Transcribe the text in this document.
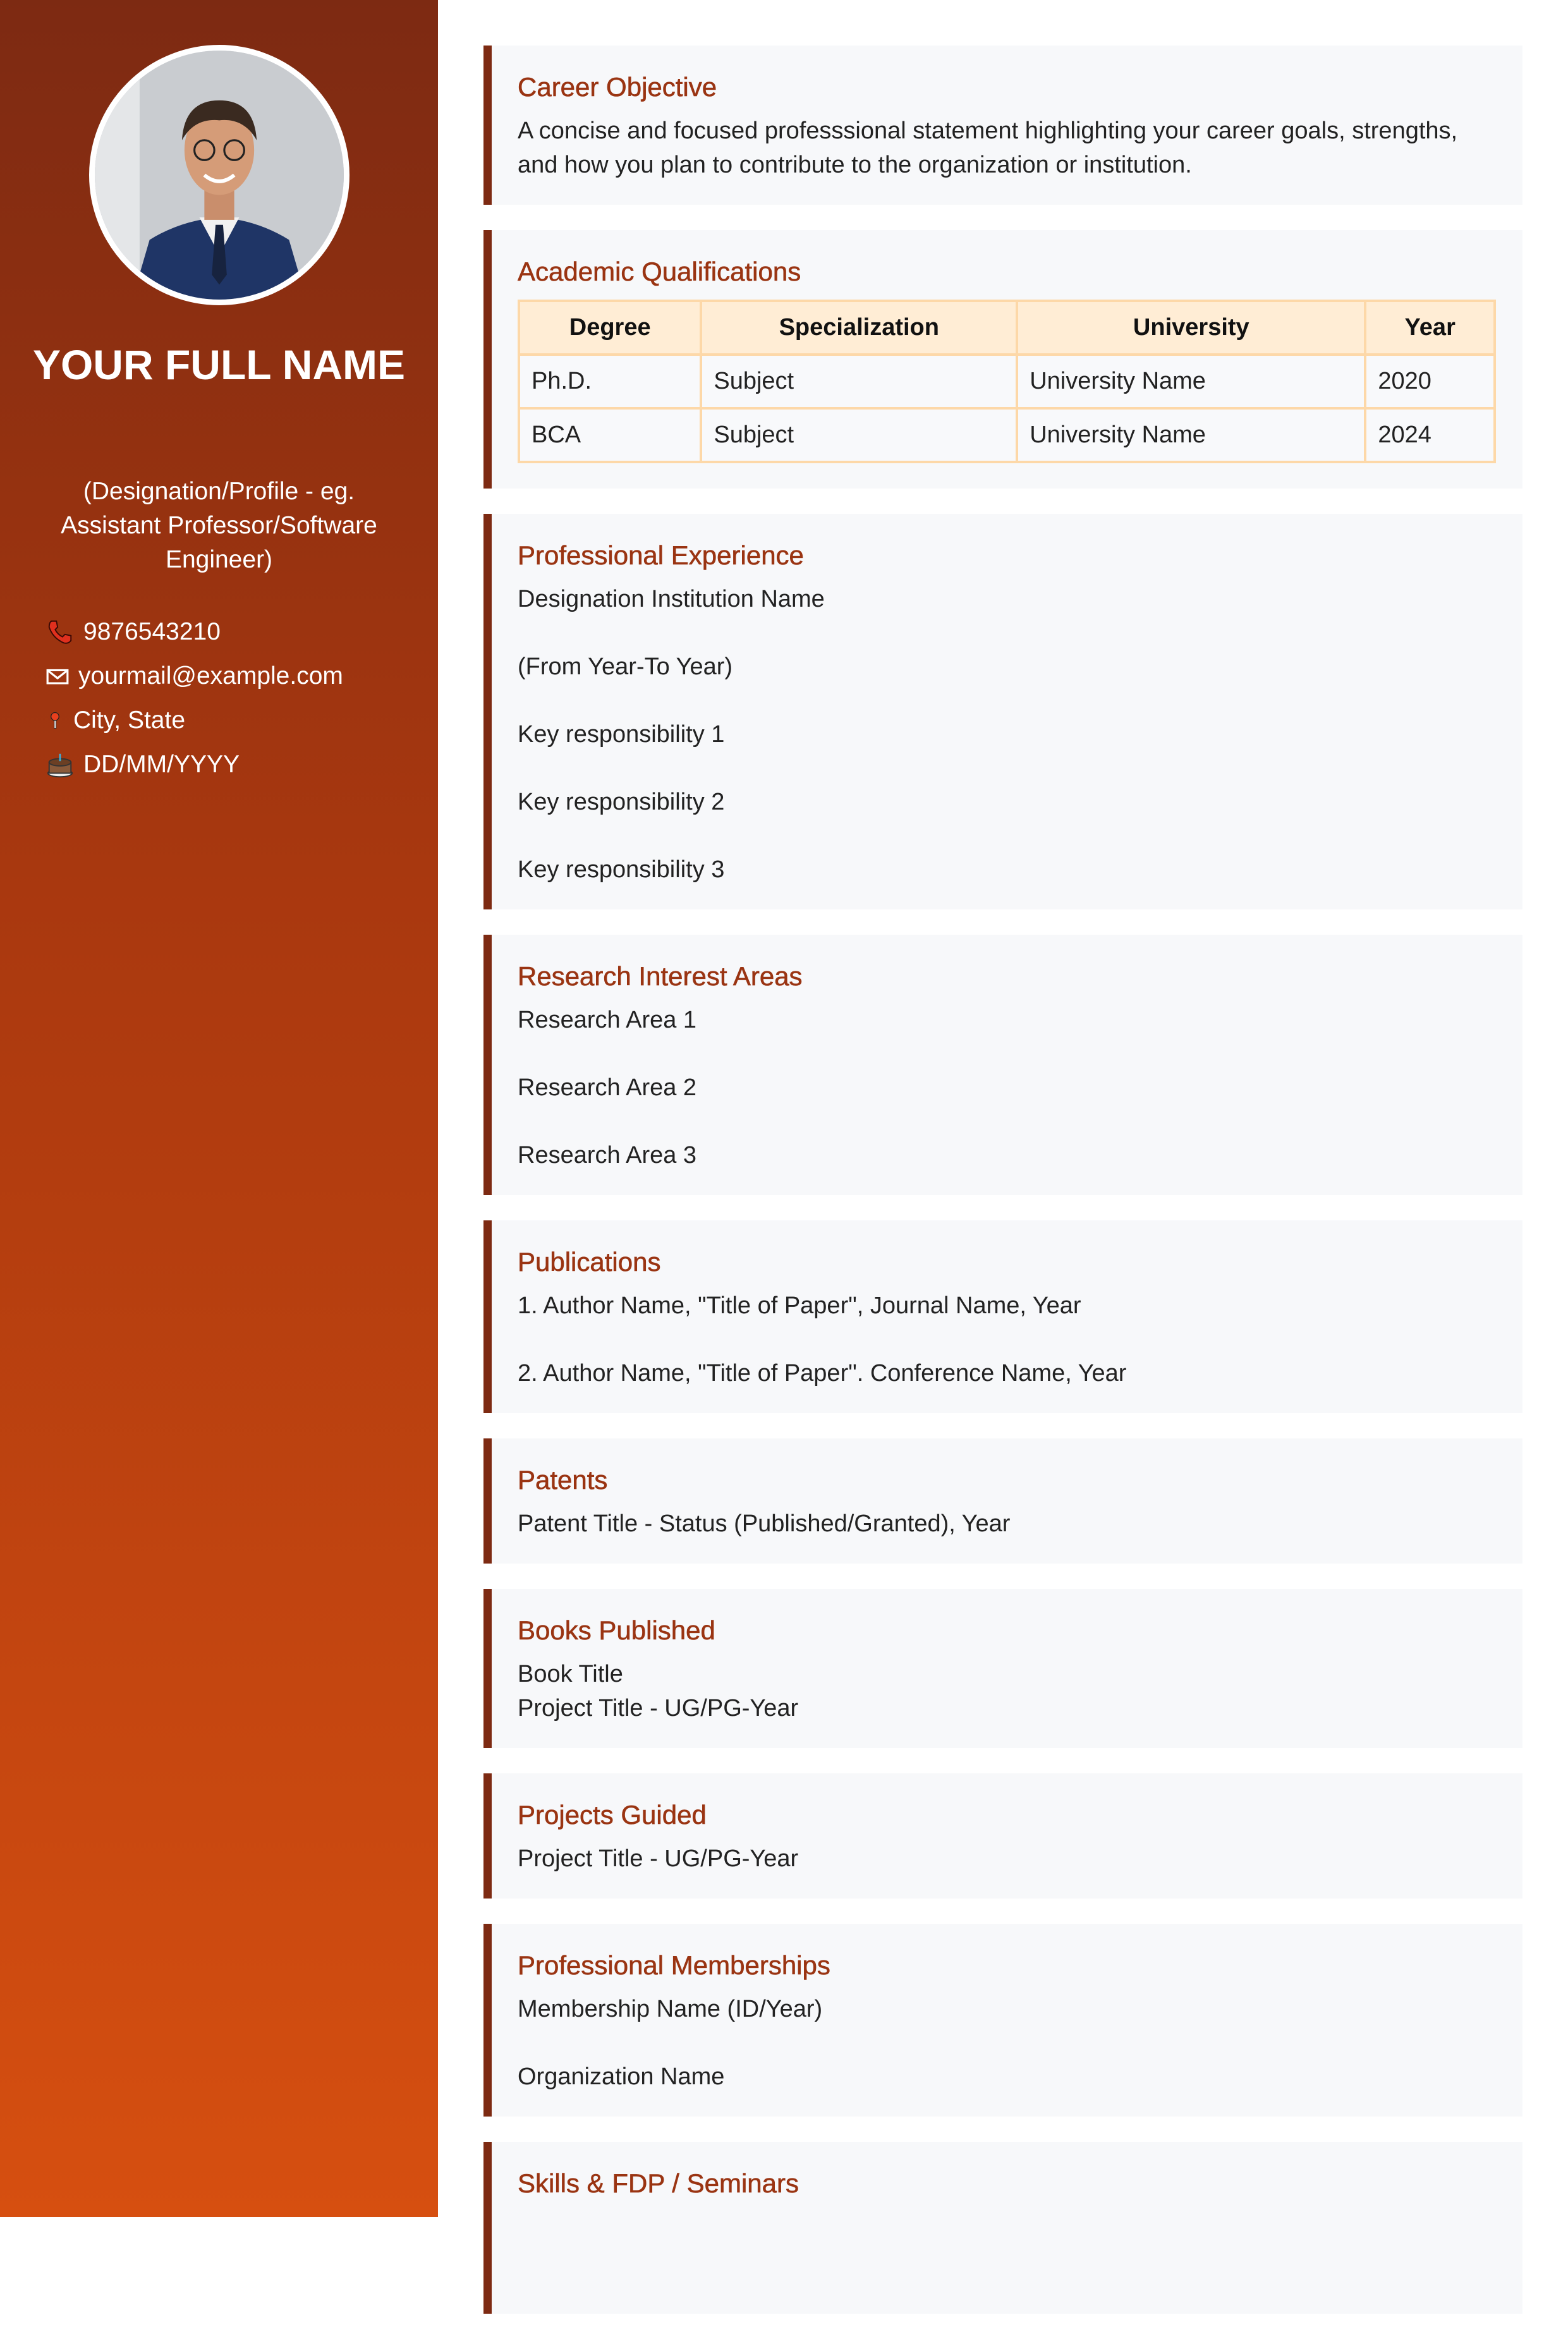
YOUR FULL NAME
(Designation/Profile - eg. Assistant Professor/Software Engineer)
9876543210
yourmail@example.com
City, State
DD/MM/YYYY
Career Objective

A concise and focused professsional statement highlighting your career goals, strengths, and how you plan to contribute to the organization or institution.

Academic Qualifications
Degree	Specialization	University	Year
Ph.D.	Subject	University Name	2020
BCA	Subject	University Name	2024
Professional Experience

Designation Institution Name

(From Year-To Year)

Key responsibility 1

Key responsibility 2

Key responsibility 3

Research Interest Areas

Research Area 1

Research Area 2

Research Area 3

Publications

1. Author Name, "Title of Paper", Journal Name, Year

2. Author Name, "Title of Paper". Conference Name, Year

Patents

Patent Title - Status (Published/Granted), Year

Books Published

Book Title

Project Title - UG/PG-Year

Projects Guided

Project Title - UG/PG-Year

Professional Memberships

Membership Name (ID/Year)

Organization Name

Skills & FDP / Seminars
